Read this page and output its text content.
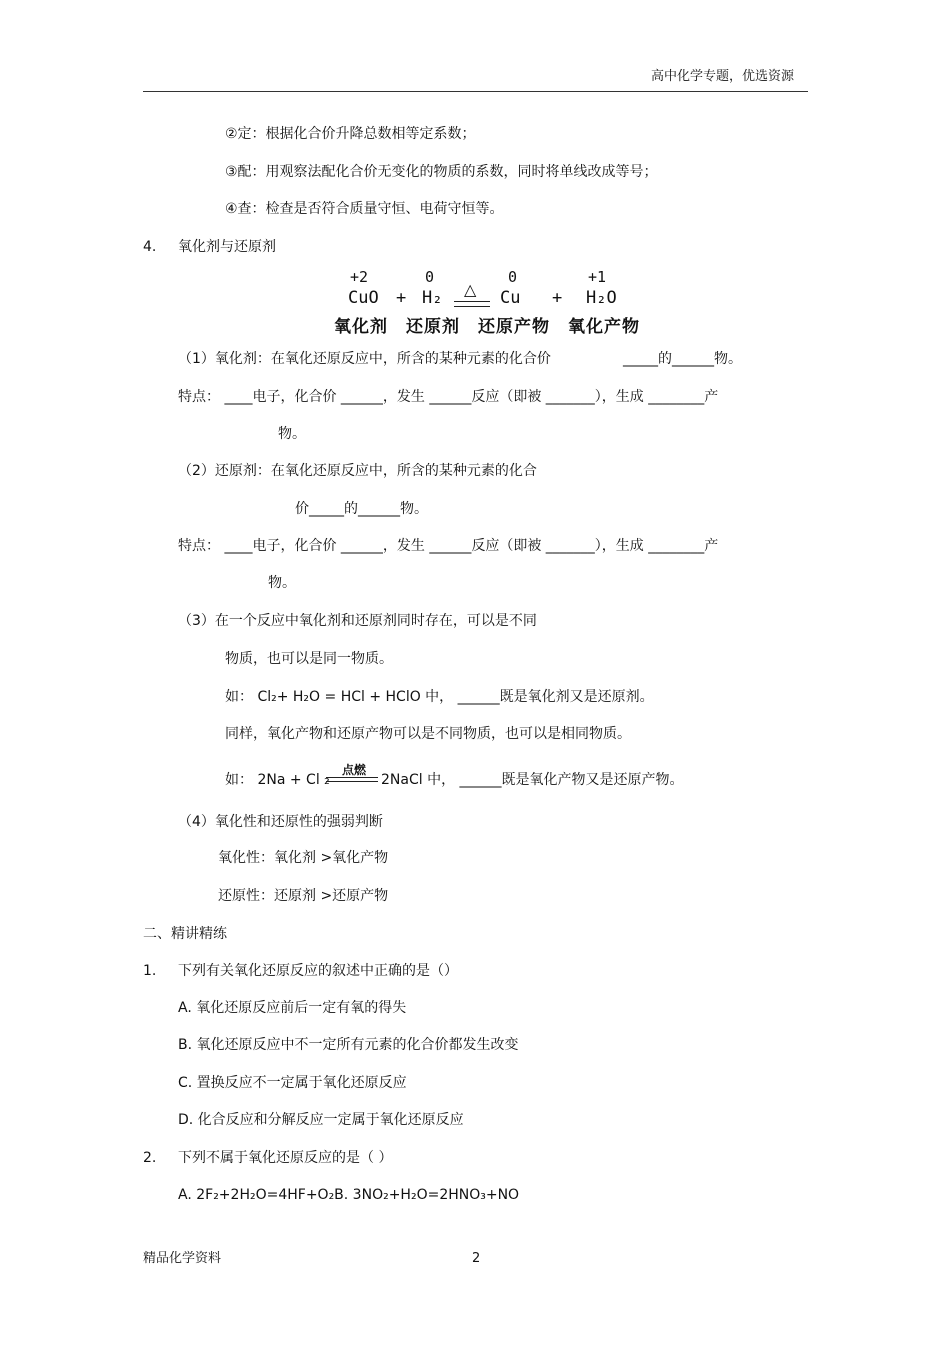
高中化学专题，优选资源
②定：根据化合价升降总数相等定系数；
③配：用观察法配化合价无变化的物质的系数，同时将单线改成等号；
④查：检查是否符合质量守恒、电荷守恒等。
4. 氧化剂与还原剂
+2	0	0	+1
CuO + H₂ △ Cu + H₂O
氧化剂 还原剂 还原产物 氧化产物
（1）氧化剂：在氧化还原反应中，所含的某种元素的化合价	_____的______物。
特点： ____电子，化合价 ______，发生 ______反应（即被 _______），生成 ________产
物。
（2）还原剂：在氧化还原反应中，所含的某种元素的化合
价_____的______物。
特点： ____电子，化合价 ______，发生 ______反应（即被 _______），生成 ________产
物。
（3）在一个反应中氧化剂和还原剂同时存在，可以是不同
物质，也可以是同一物质。
如： Cl₂+ H₂O = HCl + HClO 中， ______既是氧化剂又是还原剂。
同样，氧化产物和还原产物可以是不同物质，也可以是相同物质。
如： 2Na + Cl ₂
点燃
2NaCl 中， ______既是氧化产物又是还原产物。
（4）氧化性和还原性的强弱判断
氧化性：氧化剂 >氧化产物
还原性：还原剂 >还原产物
二、精讲精练
1. 下列有关氧化还原反应的叙述中正确的是（）
A. 氧化还原反应前后一定有氧的得失
B. 氧化还原反应中不一定所有元素的化合价都发生改变
C. 置换反应不一定属于氧化还原反应
D. 化合反应和分解反应一定属于氧化还原反应
2. 下列不属于氧化还原反应的是（ ）
A. 2F₂+2H₂O=4HF+O₂B. 3NO₂+H₂O=2HNO₃+NO
精品化学资料	2
